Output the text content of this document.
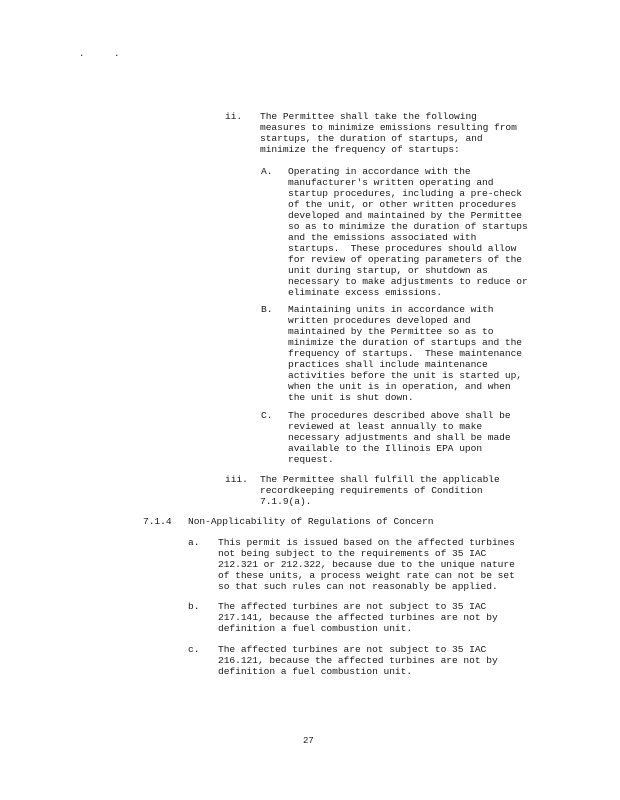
.	.
ii. The Permittee shall take the following
measures to minimize emissions resulting from
startups, the duration of startups, and
minimize the frequency of startups:
A. Operating in accordance with the
manufacturer's written operating and
startup procedures, including a pre-check
of the unit, or other written procedures
developed and maintained by the Permittee
so as to minimize the duration of startups
and the emissions associated with
startups.  These procedures should allow
for review of operating parameters of the
unit during startup, or shutdown as
necessary to make adjustments to reduce or
eliminate excess emissions.
B. Maintaining units in accordance with
written procedures developed and
maintained by the Permittee so as to
minimize the duration of startups and the
frequency of startups.  These maintenance
practices shall include maintenance
activities before the unit is started up,
when the unit is in operation, and when
the unit is shut down.
C. The procedures described above shall be
reviewed at least annually to make
necessary adjustments and shall be made
available to the Illinois EPA upon
request.
iii. The Permittee shall fulfill the applicable
recordkeeping requirements of Condition
7.1.9(a).
7.1.4 Non-Applicability of Regulations of Concern
a. This permit is issued based on the affected turbines
not being subject to the requirements of 35 IAC
212.321 or 212.322, because due to the unique nature
of these units, a process weight rate can not be set
so that such rules can not reasonably be applied.
b. The affected turbines are not subject to 35 IAC
217.141, because the affected turbines are not by
definition a fuel combustion unit.
c. The affected turbines are not subject to 35 IAC
216.121, because the affected turbines are not by
definition a fuel combustion unit.
27
